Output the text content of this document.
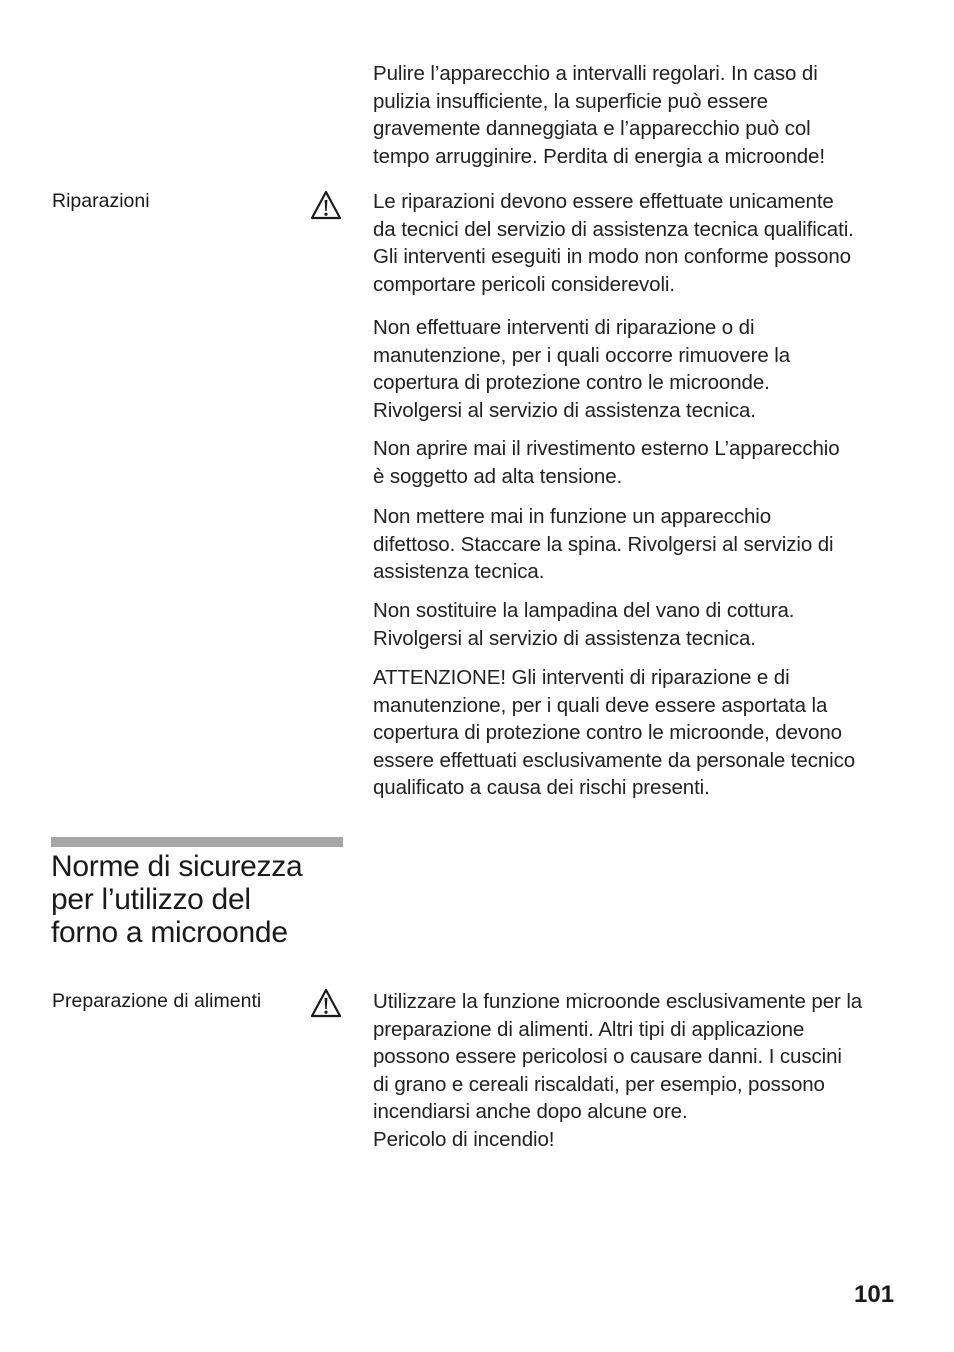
Pulire l’apparecchio a intervalli regolari. In caso di
pulizia insufficiente, la superficie può essere
gravemente danneggiata e l’apparecchio può col
tempo arrugginire. Perdita di energia a microonde!

Riparazioni	Le riparazioni devono essere effettuate unicamente
da tecnici del servizio di assistenza tecnica qualificati.
Gli interventi eseguiti in modo non conforme possono
comportare pericoli considerevoli.

Non effettuare interventi di riparazione o di
manutenzione, per i quali occorre rimuovere la
copertura di protezione contro le microonde.
Rivolgersi al servizio di assistenza tecnica.

Non aprire mai il rivestimento esterno L’apparecchio
è soggetto ad alta tensione.

Non mettere mai in funzione un apparecchio
difettoso. Staccare la spina. Rivolgersi al servizio di
assistenza tecnica.

Non sostituire la lampadina del vano di cottura.
Rivolgersi al servizio di assistenza tecnica.

ATTENZIONE! Gli interventi di riparazione e di
manutenzione, per i quali deve essere asportata la
copertura di protezione contro le microonde, devono
essere effettuati esclusivamente da personale tecnico
qualificato a causa dei rischi presenti.

Norme di sicurezza
per l’utilizzo del
forno a microonde
Preparazione di alimenti	Utilizzare la funzione microonde esclusivamente per la
preparazione di alimenti. Altri tipi di applicazione
possono essere pericolosi o causare danni. I cuscini
di grano e cereali riscaldati, per esempio, possono
incendiarsi anche dopo alcune ore.
Pericolo di incendio!

101
